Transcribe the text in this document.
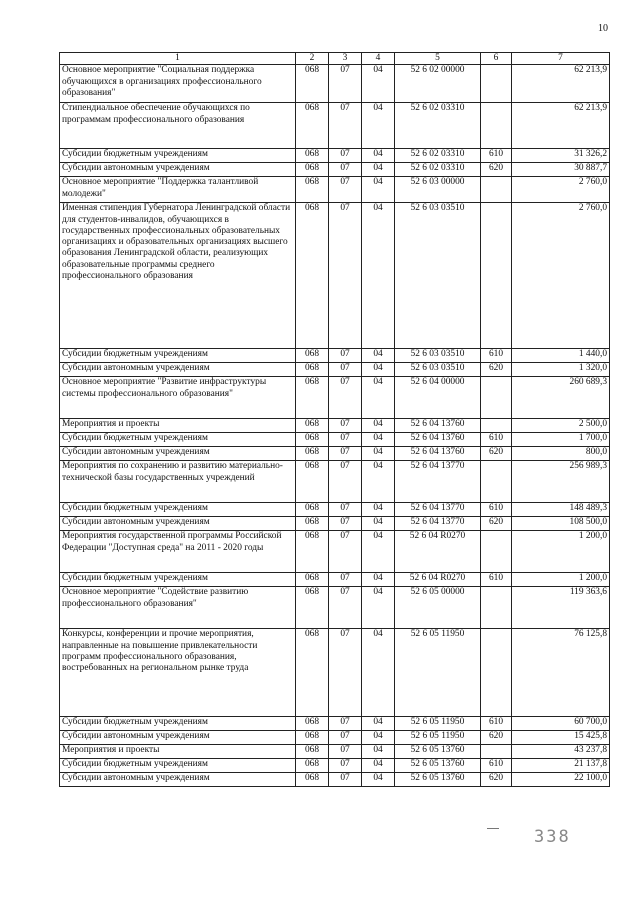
10
1	2	3	4	5	6	7
Основное мероприятие "Социальная поддержка обучающихся в организациях профессионального образования"	068	07	04	52 6 02 00000		62 213,9
Стипендиальное обеспечение обучающихся по программам профессионального образования	068	07	04	52 6 02 03310		62 213,9
Субсидии бюджетным учреждениям	068	07	04	52 6 02 03310	610	31 326,2
Субсидии автономным учреждениям	068	07	04	52 6 02 03310	620	30 887,7
Основное мероприятие "Поддержка талантливой молодежи"	068	07	04	52 6 03 00000		2 760,0
Именная стипендия Губернатора Ленинградской области для студентов-инвалидов, обучающихся в государственных профессиональных образовательных организациях и образовательных организациях высшего образования Ленинградской области, реализующих образовательные программы среднего профессионального образования	068	07	04	52 6 03 03510		2 760,0
Субсидии бюджетным учреждениям	068	07	04	52 6 03 03510	610	1 440,0
Субсидии автономным учреждениям	068	07	04	52 6 03 03510	620	1 320,0
Основное мероприятие "Развитие инфраструктуры системы профессионального образования"	068	07	04	52 6 04 00000		260 689,3
Мероприятия и проекты	068	07	04	52 6 04 13760		2 500,0
Субсидии бюджетным учреждениям	068	07	04	52 6 04 13760	610	1 700,0
Субсидии автономным учреждениям	068	07	04	52 6 04 13760	620	800,0
Мероприятия по сохранению и развитию материально-технической базы государственных учреждений	068	07	04	52 6 04 13770		256 989,3
Субсидии бюджетным учреждениям	068	07	04	52 6 04 13770	610	148 489,3
Субсидии автономным учреждениям	068	07	04	52 6 04 13770	620	108 500,0
Мероприятия государственной программы Российской Федерации "Доступная среда" на 2011 - 2020 годы	068	07	04	52 6 04 R0270		1 200,0
Субсидии бюджетным учреждениям	068	07	04	52 6 04 R0270	610	1 200,0
Основное мероприятие "Содействие развитию профессионального образования"	068	07	04	52 6 05 00000		119 363,6
Конкурсы, конференции и прочие мероприятия, направленные на повышение привлекательности программ профессионального образования, востребованных на региональном рынке труда	068	07	04	52 6 05 11950		76 125,8
Субсидии бюджетным учреждениям	068	07	04	52 6 05 11950	610	60 700,0
Субсидии автономным учреждениям	068	07	04	52 6 05 11950	620	15 425,8
Мероприятия и проекты	068	07	04	52 6 05 13760		43 237,8
Субсидии бюджетным учреждениям	068	07	04	52 6 05 13760	610	21 137,8
Субсидии автономным учреждениям	068	07	04	52 6 05 13760	620	22 100,0
338
